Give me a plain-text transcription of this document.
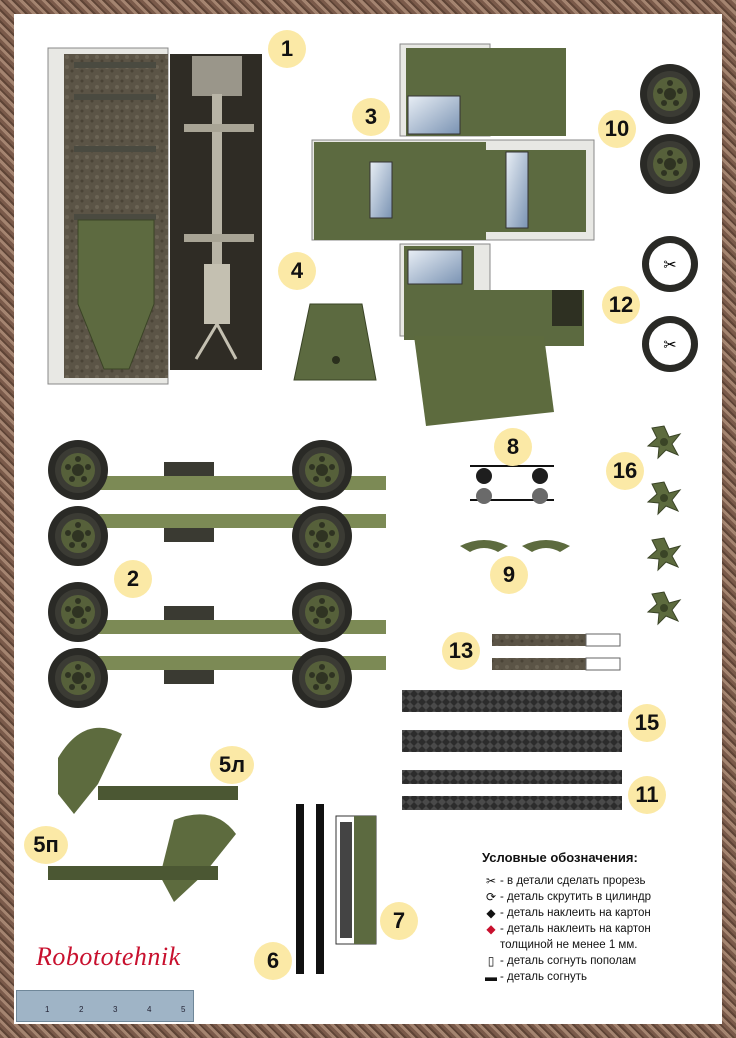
✂
1
2
3
4
5л
5п
6
7
8
9
10
11
12
13
15
16
Условные обозначения:
✂ - в детали сделать прорезь
⟳ - деталь скрутить в цилиндр
◆ - деталь наклеить на картон
◆ - деталь наклеить на картон
толщиной не менее 1 мм.
▯ - деталь согнуть пополам
▬ - деталь согнуть
Robototehnik
1	2	3	4	5
